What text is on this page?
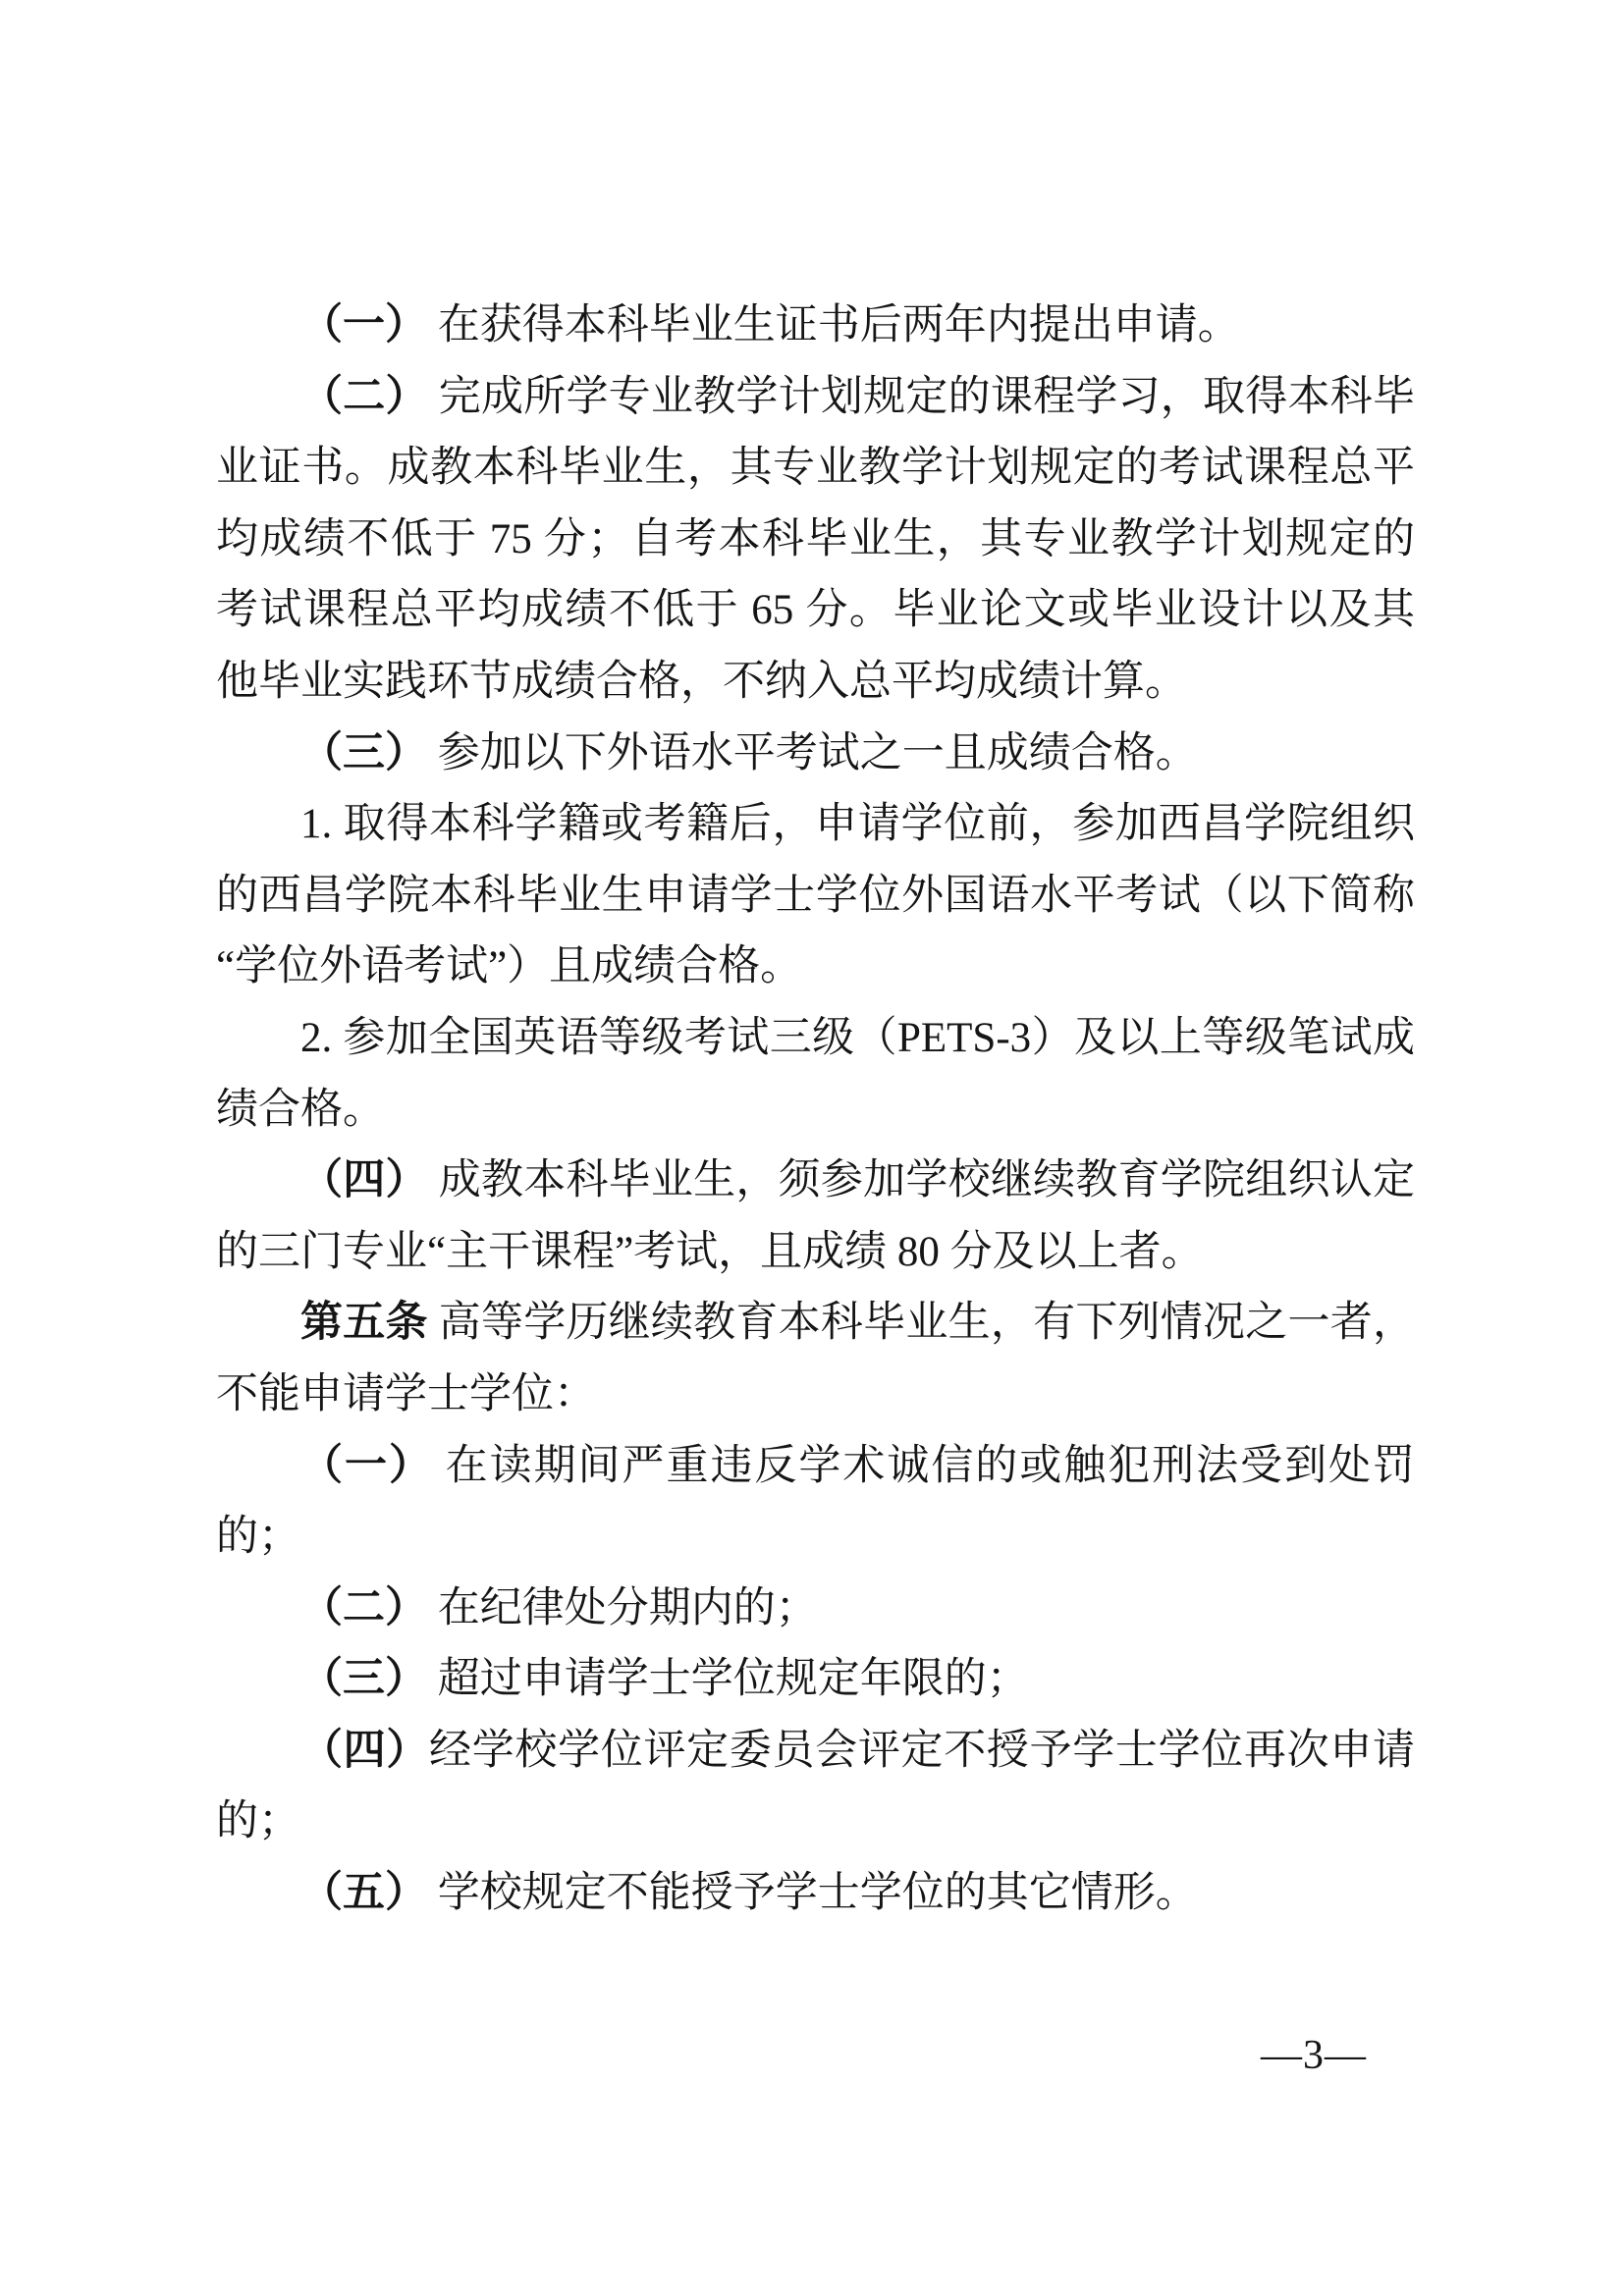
（一） 在获得本科毕业生证书后两年内提出申请。
（二） 完成所学专业教学计划规定的课程学习，取得本科毕
业证书。成教本科毕业生，其专业教学计划规定的考试课程总平
均成绩不低于 75 分；自考本科毕业生，其专业教学计划规定的
考试课程总平均成绩不低于 65 分。毕业论文或毕业设计以及其
他毕业实践环节成绩合格，不纳入总平均成绩计算。
（三） 参加以下外语水平考试之一且成绩合格。
1. 取得本科学籍或考籍后，申请学位前，参加西昌学院组织
的西昌学院本科毕业生申请学士学位外国语水平考试（以下简称
“学位外语考试”）且成绩合格。
2. 参加全国英语等级考试三级（PETS-3）及以上等级笔试成
绩合格。
（四） 成教本科毕业生，须参加学校继续教育学院组织认定
的三门专业“主干课程”考试，且成绩 80 分及以上者。
第五条 高等学历继续教育本科毕业生，有下列情况之一者，
不能申请学士学位：
（一） 在读期间严重违反学术诚信的或触犯刑法受到处罚
的；
（二） 在纪律处分期内的；
（三） 超过申请学士学位规定年限的；
（四）经学校学位评定委员会评定不授予学士学位再次申请
的；
（五） 学校规定不能授予学士学位的其它情形。
—3—
